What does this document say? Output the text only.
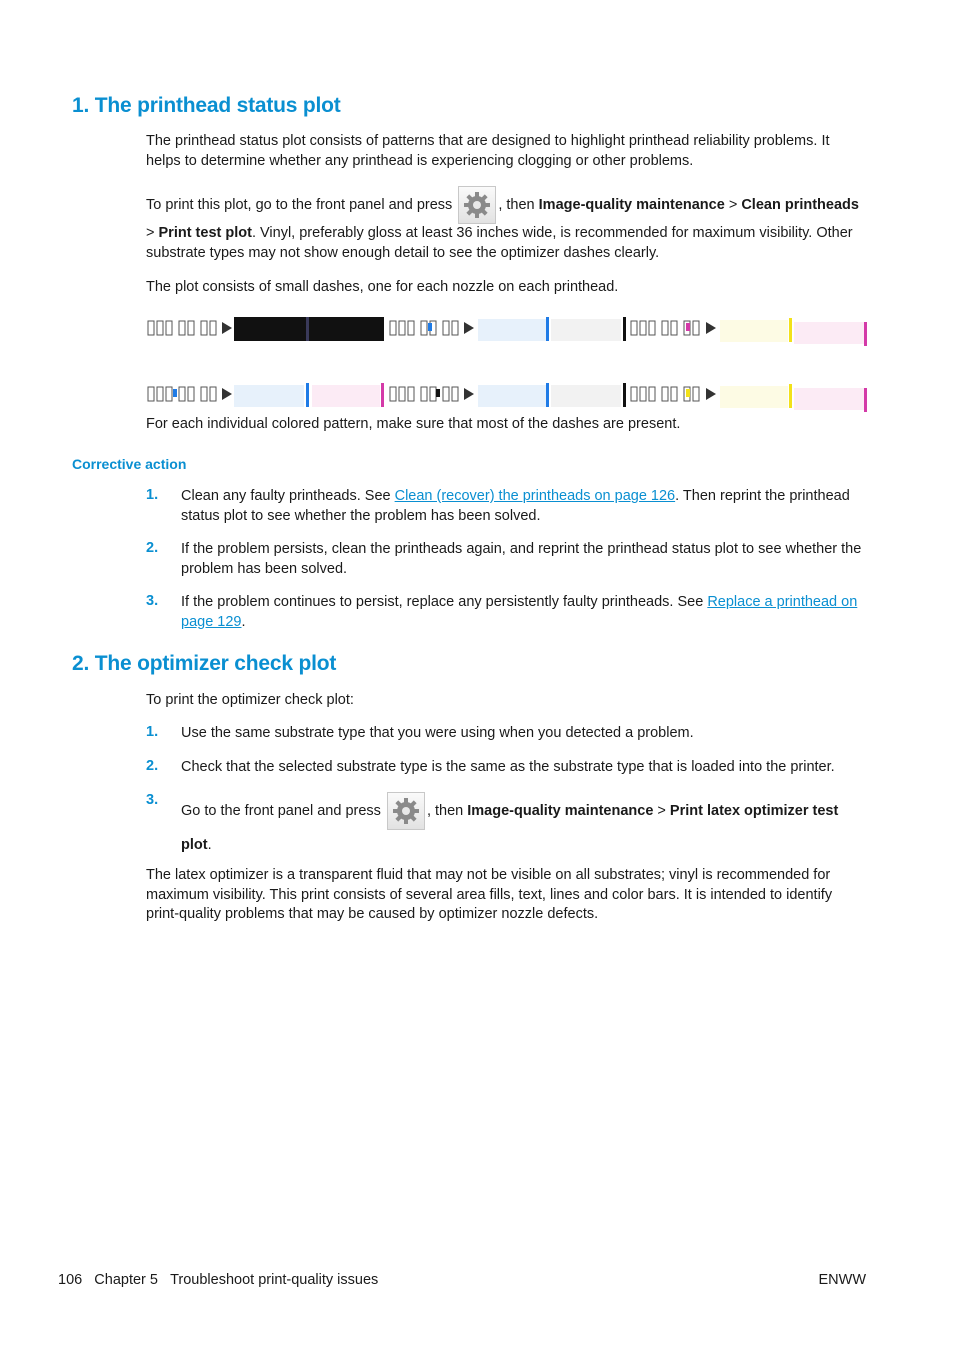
1. The printhead status plot

The printhead status plot consists of patterns that are designed to highlight printhead reliability problems. It helps to determine whether any printhead is experiencing clogging or other problems.

To print this plot, go to the front panel and press	, then Image-quality maintenance > Clean printheads > Print test plot. Vinyl, preferably gloss at least 36 inches wide, is recommended for maximum visibility. Other substrate types may not show enough detail to see the optimizer dashes clearly.

The plot consists of small dashes, one for each nozzle on each printhead.

For each individual colored pattern, make sure that most of the dashes are present.

Corrective action
1. Clean any faulty printheads. See Clean (recover) the printheads on page 126. Then reprint the printhead status plot to see whether the problem has been solved.

2. If the problem persists, clean the printheads again, and reprint the printhead status plot to see whether the problem has been solved.

3. If the problem continues to persist, replace any persistently faulty printheads. See Replace a printhead on page 129.

2. The optimizer check plot

To print the optimizer check plot:

1. Use the same substrate type that you were using when you detected a problem.

2. Check that the selected substrate type is the same as the substrate type that is loaded into the printer.

3.

Go to the front panel and press	, then Image-quality maintenance > Print latex optimizer test plot.

The latex optimizer is a transparent fluid that may not be visible on all substrates; vinyl is recommended for maximum visibility. This print consists of several area fills, text, lines and color bars. It is intended to identify print-quality problems that may be caused by optimizer nozzle defects.

106 Chapter 5 Troubleshoot print-quality issues	ENWW
